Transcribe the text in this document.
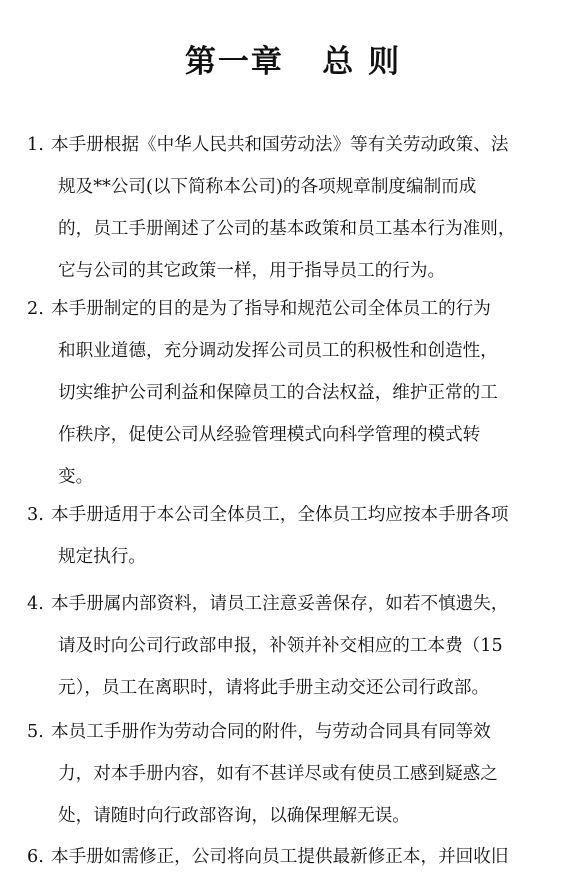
第一章   总 则
1. 本手册根据《中华人民共和国劳动法》等有关劳动政策、法
规及**公司(以下简称本公司)的各项规章制度编制而成
的，员工手册阐述了公司的基本政策和员工基本行为准则，
它与公司的其它政策一样，用于指导员工的行为。
2. 本手册制定的目的是为了指导和规范公司全体员工的行为
和职业道德，充分调动发挥公司员工的积极性和创造性，
切实维护公司利益和保障员工的合法权益，维护正常的工
作秩序，促使公司从经验管理模式向科学管理的模式转
变。
3. 本手册适用于本公司全体员工，全体员工均应按本手册各项
规定执行。
4. 本手册属内部资料，请员工注意妥善保存，如若不慎遗失，
请及时向公司行政部申报，补领并补交相应的工本费（15
元），员工在离职时，请将此手册主动交还公司行政部。
5. 本员工手册作为劳动合同的附件，与劳动合同具有同等效
力，对本手册内容，如有不甚详尽或有使员工感到疑惑之
处，请随时向行政部咨询，以确保理解无误。
6. 本手册如需修正，公司将向员工提供最新修正本，并回收旧
